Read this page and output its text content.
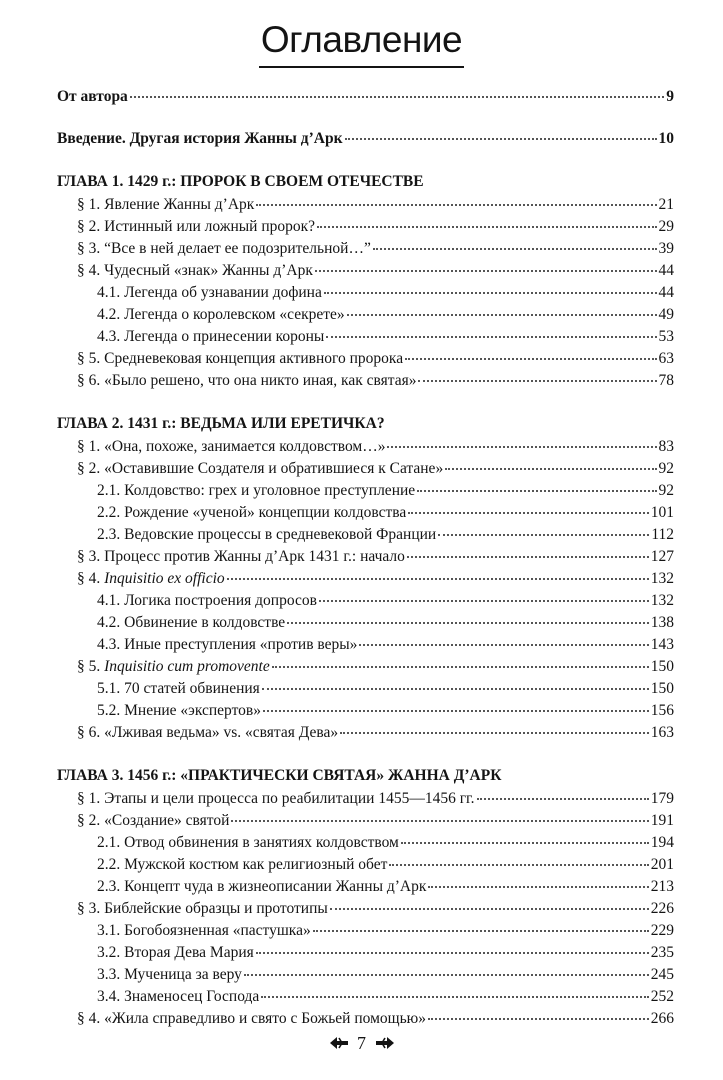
Оглавление
От автора	9
Введение. Другая история Жанны д’Арк	10
ГЛАВА 1. 1429 г.: ПРОРОК В СВОЕМ ОТЕЧЕСТВЕ
§ 1. Явление Жанны д’Арк	21
§ 2. Истинный или ложный пророк?	29
§ 3. “Все в ней делает ее подозрительной…”	39
§ 4. Чудесный «знак» Жанны д’Арк	44
4.1. Легенда об узнавании дофина	44
4.2. Легенда о королевском «секрете»	49
4.3. Легенда о принесении короны	53
§ 5. Средневековая концепция активного пророка	63
§ 6. «Было решено, что она никто иная, как святая»	78
ГЛАВА 2. 1431 г.: ВЕДЬМА ИЛИ ЕРЕТИЧКА?
§ 1. «Она, похоже, занимается колдовством…»	83
§ 2. «Оставившие Создателя и обратившиеся к Сатане»	92
2.1. Колдовство: грех и уголовное преступление	92
2.2. Рождение «ученой» концепции колдовства	101
2.3. Ведовские процессы в средневековой Франции	112
§ 3. Процесс против Жанны д’Арк 1431 г.: начало	127
§ 4. Inquisitio ex officio	132
4.1. Логика построения допросов	132
4.2. Обвинение в колдовстве	138
4.3. Иные преступления «против веры»	143
§ 5. Inquisitio cum promovente	150
5.1. 70 статей обвинения	150
5.2. Мнение «экспертов»	156
§ 6. «Лживая ведьма» vs. «святая Дева»	163
ГЛАВА 3. 1456 г.: «ПРАКТИЧЕСКИ СВЯТАЯ» ЖАННА Д’АРК
§ 1. Этапы и цели процесса по реабилитации 1455—1456 гг.	179
§ 2. «Создание» святой	191
2.1. Отвод обвинения в занятиях колдовством	194
2.2. Мужской костюм как религиозный обет	201
2.3. Концепт чуда в жизнеописании Жанны д’Арк	213
§ 3. Библейские образцы и прототипы	226
3.1. Богобоязненная «пастушка»	229
3.2. Вторая Дева Мария	235
3.3. Мученица за веру	245
3.4. Знаменосец Господа	252
§ 4. «Жила справедливо и свято с Божьей помощью»	266
7
